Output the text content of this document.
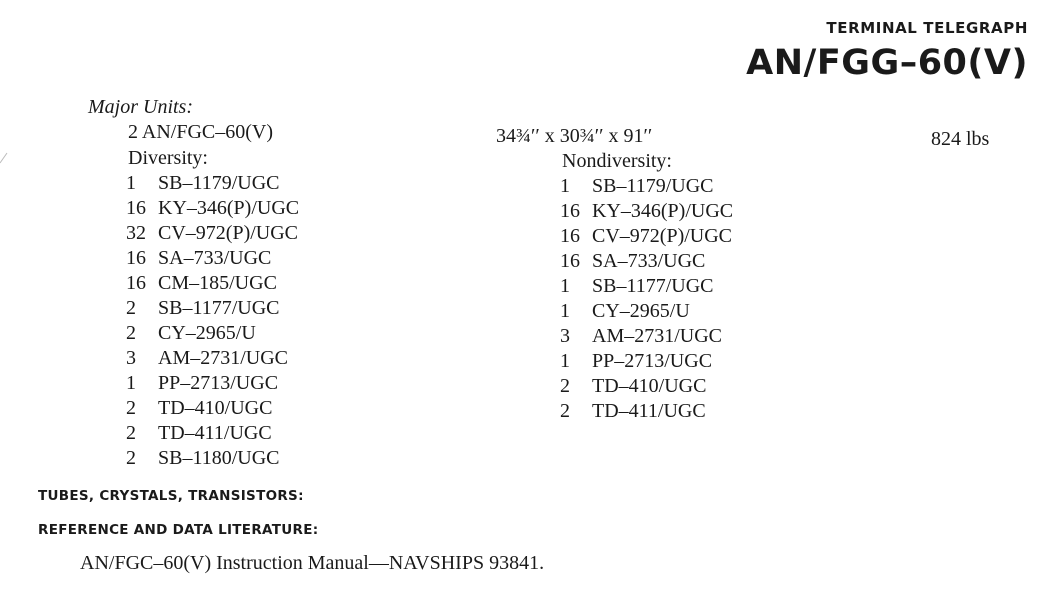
TERMINAL TELEGRAPH
AN/FGG–60(V)
Major Units:
2 AN/FGC–60(V)	34¾′′ x 30¾′′ x 91′′	824 lbs
Diversity:
1 SB–1179/UGC
16 KY–346(P)/UGC
32 CV–972(P)/UGC
16 SA–733/UGC
16 CM–185/UGC
2 SB–1177/UGC
2 CY–2965/U
3 AM–2731/UGC
1 PP–2713/UGC
2 TD–410/UGC
2 TD–411/UGC
2 SB–1180/UGC
Nondiversity:
1 SB–1179/UGC
16 KY–346(P)/UGC
16 CV–972(P)/UGC
16 SA–733/UGC
1 SB–1177/UGC
1 CY–2965/U
3 AM–2731/UGC
1 PP–2713/UGC
2 TD–410/UGC
2 TD–411/UGC
TUBES, CRYSTALS, TRANSISTORS:
REFERENCE AND DATA LITERATURE:
AN/FGC–60(V) Instruction Manual—NAVSHIPS 93841.
